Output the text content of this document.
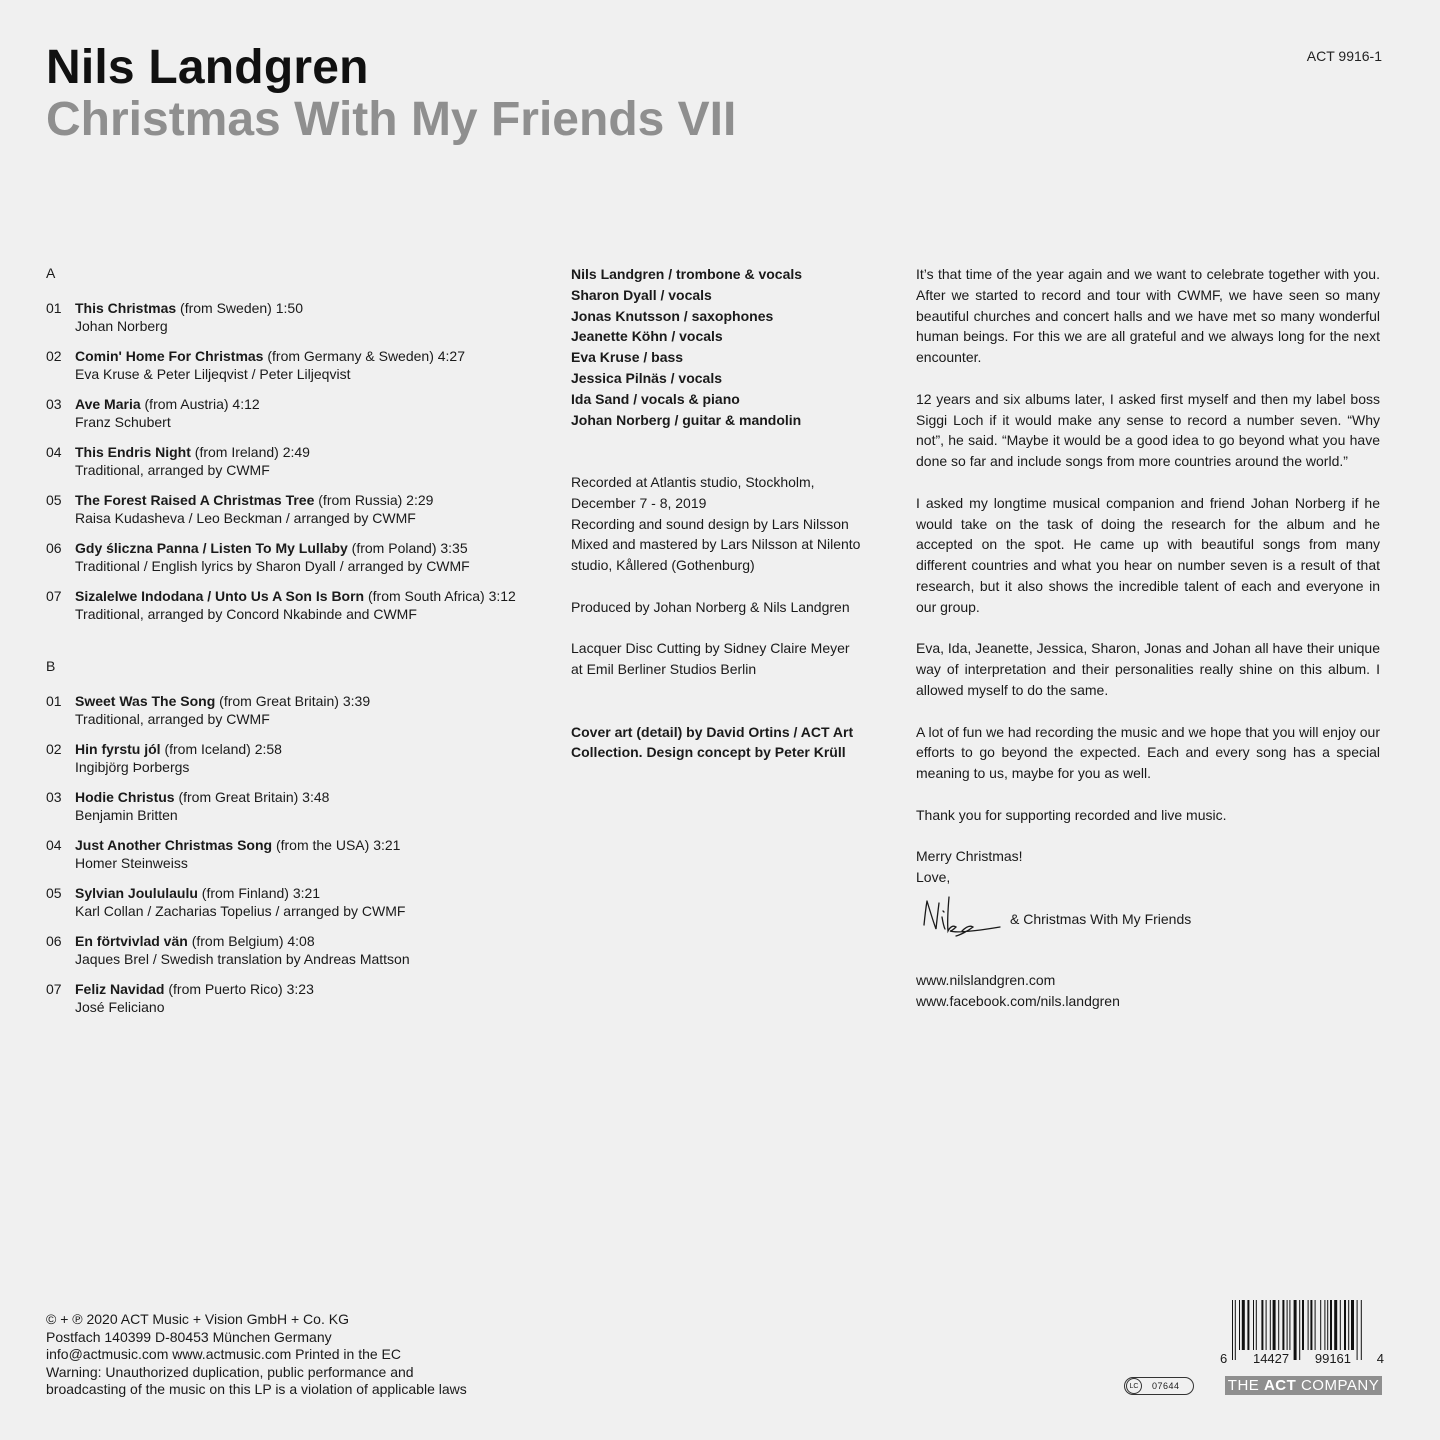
Nils Landgren
Christmas With My Friends VII
ACT 9916-1
A
01 This Christmas (from Sweden) 1:50
Johan Norberg
02 Comin' Home For Christmas (from Germany & Sweden) 4:27
Eva Kruse & Peter Liljeqvist / Peter Liljeqvist
03 Ave Maria (from Austria) 4:12
Franz Schubert
04 This Endris Night (from Ireland) 2:49
Traditional, arranged by CWMF
05 The Forest Raised A Christmas Tree (from Russia) 2:29
Raisa Kudasheva / Leo Beckman / arranged by CWMF
06 Gdy śliczna Panna / Listen To My Lullaby (from Poland) 3:35
Traditional / English lyrics by Sharon Dyall / arranged by CWMF
07 Sizalelwe Indodana / Unto Us A Son Is Born (from South Africa) 3:12
Traditional, arranged by Concord Nkabinde and CWMF
B
01 Sweet Was The Song (from Great Britain) 3:39
Traditional, arranged by CWMF
02 Hin fyrstu jól (from Iceland) 2:58
Ingibjörg Þorbergs
03 Hodie Christus (from Great Britain) 3:48
Benjamin Britten
04 Just Another Christmas Song (from the USA) 3:21
Homer Steinweiss
05 Sylvian Joululaulu (from Finland) 3:21
Karl Collan / Zacharias Topelius / arranged by CWMF
06 En förtvivlad vän (from Belgium) 4:08
Jaques Brel / Swedish translation by Andreas Mattson
07 Feliz Navidad (from Puerto Rico) 3:23
José Feliciano
Nils Landgren / trombone & vocals
Sharon Dyall / vocals
Jonas Knutsson / saxophones
Jeanette Köhn / vocals
Eva Kruse / bass
Jessica Pilnäs / vocals
Ida Sand / vocals & piano
Johan Norberg / guitar & mandolin
Recorded at Atlantis studio, Stockholm,
December 7 - 8, 2019
Recording and sound design by Lars Nilsson
Mixed and mastered by Lars Nilsson at Nilento
studio, Kållered (Gothenburg)
Produced by Johan Norberg & Nils Landgren
Lacquer Disc Cutting by Sidney Claire Meyer
at Emil Berliner Studios Berlin
Cover art (detail) by David Ortins / ACT Art
Collection. Design concept by Peter Krüll

It’s that time of the year again and we want to celebrate together with you. After we started to record and tour with CWMF, we have seen so many beautiful churches and concert halls and we have met so many wonderful human beings. For this we are all grateful and we always long for the next encounter.

12 years and six albums later, I asked first myself and then my label boss Siggi Loch if it would make any sense to record a number seven. “Why not”, he said. “Maybe it would be a good idea to go beyond what you have done so far and include songs from more countries around the world.”

I asked my longtime musical companion and friend Johan Norberg if he would take on the task of doing the research for the album and he accepted on the spot. He came up with beautiful songs from many different countries and what you hear on number seven is a result of that research, but it also shows the incredible talent of each and everyone in our group.

Eva, Ida, Jeanette, Jessica, Sharon, Jonas and Johan all have their unique way of interpretation and their personalities really shine on this album. I allowed myself to do the same.

A lot of fun we had recording the music and we hope that you will enjoy our efforts to go beyond the expected. Each and every song has a special meaning to us, maybe for you as well.

Thank you for supporting recorded and live music.

Merry Christmas!
Love,
& Christmas With My Friends
www.nilslandgren.com
www.facebook.com/nils.landgren
© + ℗ 2020 ACT Music + Vision GmbH + Co. KG
Postfach 140399 D-80453 München Germany
info@actmusic.com www.actmusic.com Printed in the EC
Warning: Unauthorized duplication, public performance and
broadcasting of the music on this LP is a violation of applicable laws	LC	07644
6 14427 99161 4
THE ACT COMPANY
